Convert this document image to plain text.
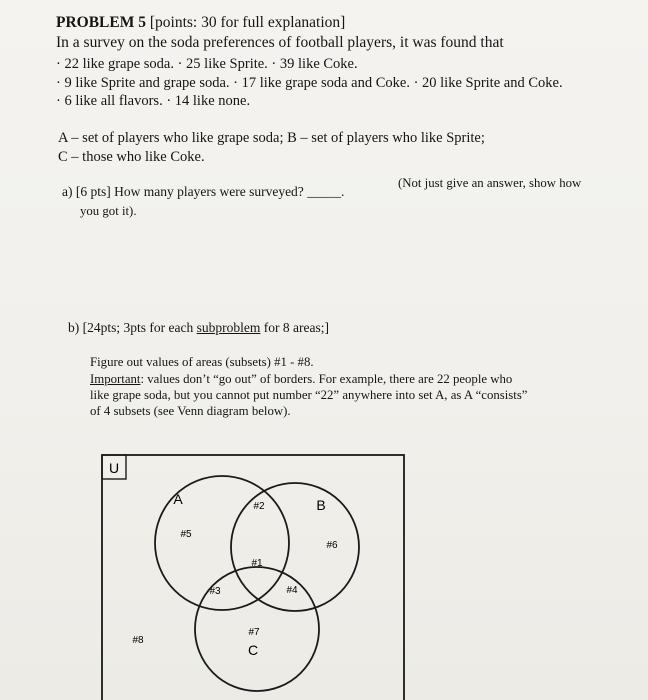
PROBLEM 5 [points: 30 for full explanation]
In a survey on the soda preferences of football players, it was found that
· 22 like grape soda. · 25 like Sprite. · 39 like Coke.
· 9 like Sprite and grape soda. · 17 like grape soda and Coke. · 20 like Sprite and Coke.
· 6 like all flavors. · 14 like none.
A – set of players who like grape soda; B – set of players who like Sprite;
C – those who like Coke.
a) [6 pts] How many players were surveyed? _____.
(Not just give an answer, show how
you got it).
b) [24pts; 3pts for each subproblem for 8 areas;]
Figure out values of areas (subsets) #1 - #8.
Important: values don’t “go out” of borders. For example, there are 22 people who
like grape soda, but you cannot put number “22” anywhere into set A, as A “consists”
of 4 subsets (see Venn diagram below).
U
A	B
C
#2
#5
#6
#1
#3	#4
#7
#8
